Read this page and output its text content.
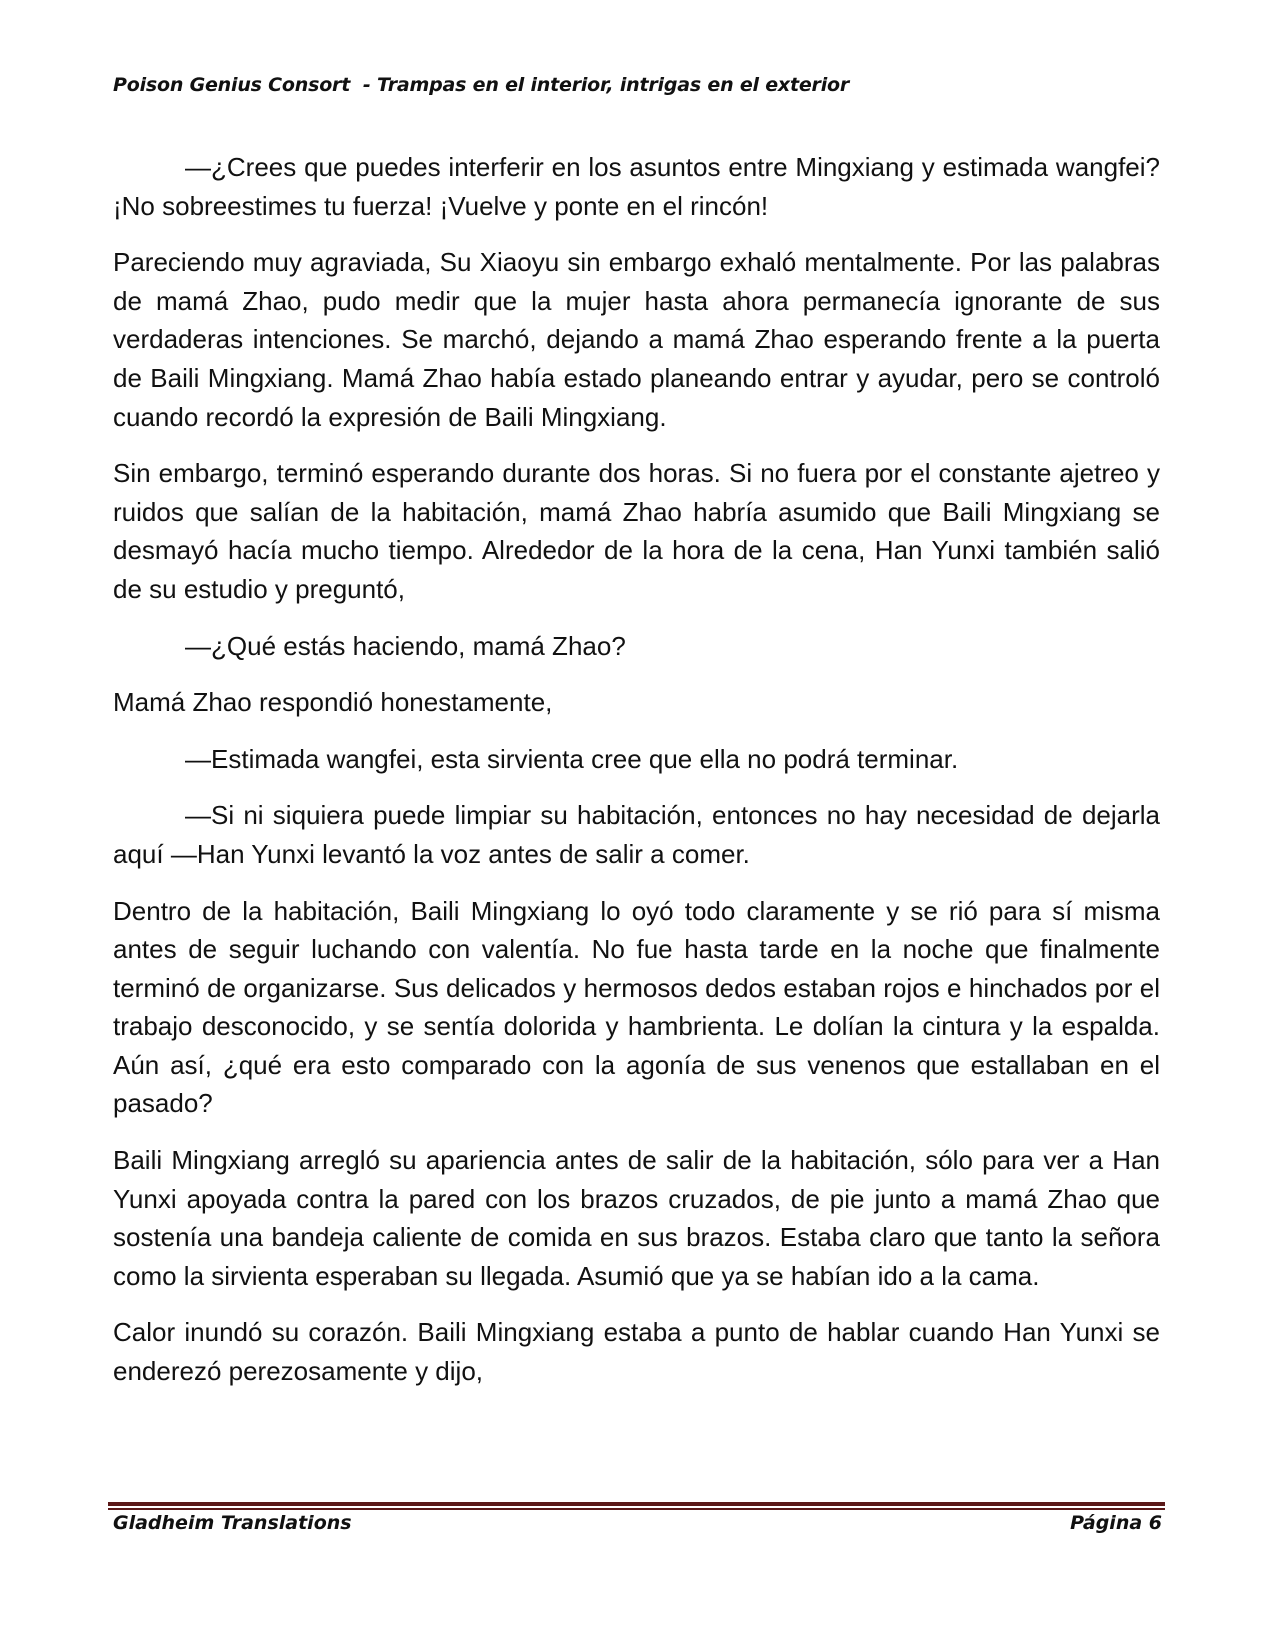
Poison Genius Consort  - Trampas en el interior, intrigas en el exterior

—¿Crees que puedes interferir en los asuntos entre Mingxiang y estimada wangfei? ¡No sobreestimes tu fuerza! ¡Vuelve y ponte en el rincón!

Pareciendo muy agraviada, Su Xiaoyu sin embargo exhaló mentalmente. Por las palabras de mamá Zhao, pudo medir que la mujer hasta ahora permanecía ignorante de sus verdaderas intenciones. Se marchó, dejando a mamá Zhao esperando frente a la puerta de Baili Mingxiang. Mamá Zhao había estado planeando entrar y ayudar, pero se controló cuando recordó la expresión de Baili Mingxiang.

Sin embargo, terminó esperando durante dos horas. Si no fuera por el constante ajetreo y ruidos que salían de la habitación, mamá Zhao habría asumido que Baili Mingxiang se desmayó hacía mucho tiempo. Alrededor de la hora de la cena, Han Yunxi también salió de su estudio y preguntó,

—¿Qué estás haciendo, mamá Zhao?

Mamá Zhao respondió honestamente,

—Estimada wangfei, esta sirvienta cree que ella no podrá terminar.

—Si ni siquiera puede limpiar su habitación, entonces no hay necesidad de dejarla aquí —Han Yunxi levantó la voz antes de salir a comer.

Dentro de la habitación, Baili Mingxiang lo oyó todo claramente y se rió para sí misma antes de seguir luchando con valentía. No fue hasta tarde en la noche que finalmente terminó de organizarse. Sus delicados y hermosos dedos estaban rojos e hinchados por el trabajo desconocido, y se sentía dolorida y hambrienta. Le dolían la cintura y la espalda. Aún así, ¿qué era esto comparado con la agonía de sus venenos que estallaban en el pasado?

Baili Mingxiang arregló su apariencia antes de salir de la habitación, sólo para ver a Han Yunxi apoyada contra la pared con los brazos cruzados, de pie junto a mamá Zhao que sostenía una bandeja caliente de comida en sus brazos. Estaba claro que tanto la señora como la sirvienta esperaban su llegada. Asumió que ya se habían ido a la cama.

Calor inundó su corazón. Baili Mingxiang estaba a punto de hablar cuando Han Yunxi se enderezó perezosamente y dijo,

Gladheim Translations	Página 6
